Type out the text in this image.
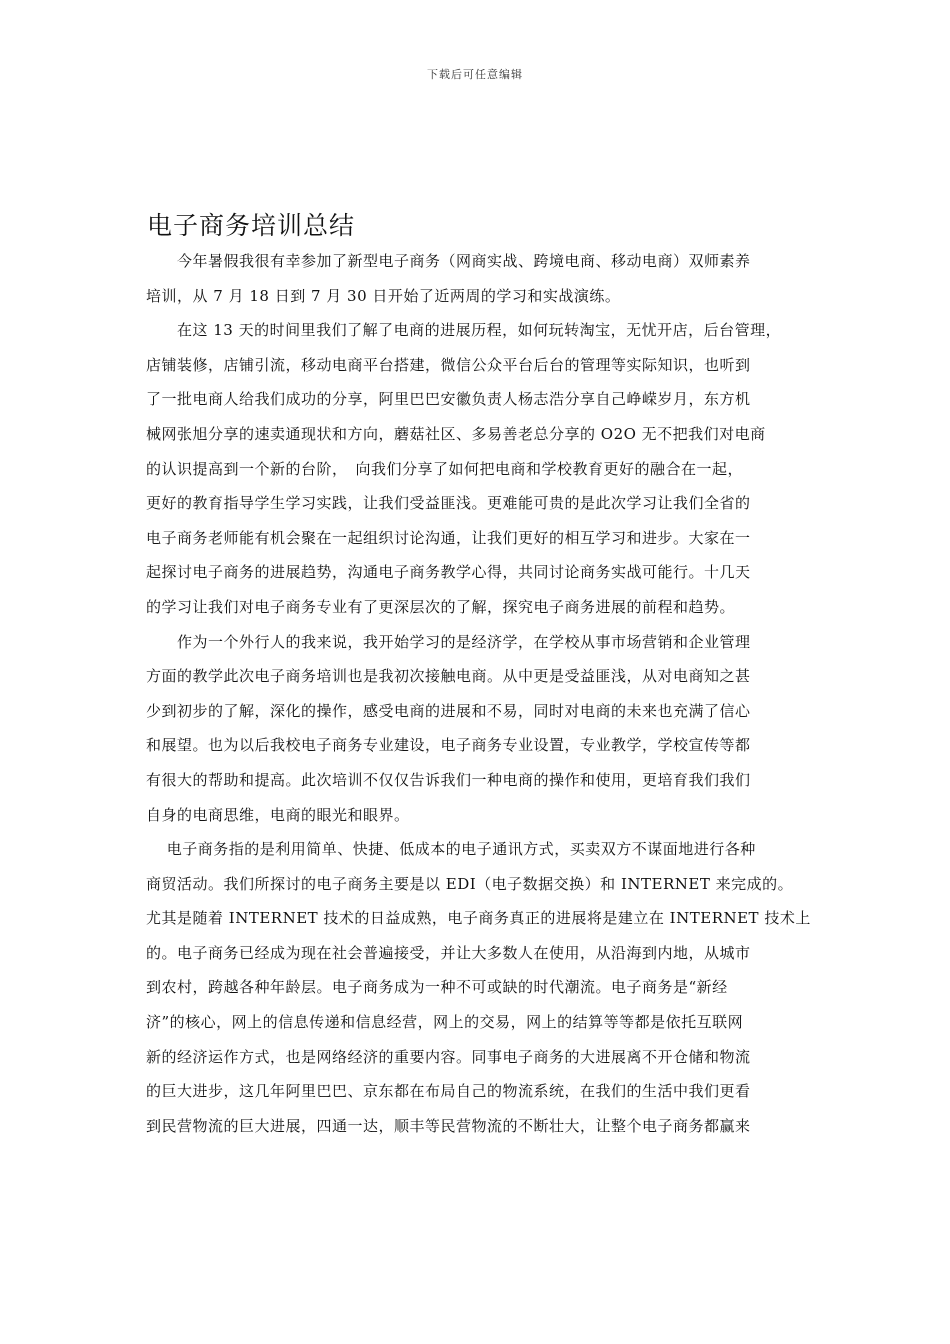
下载后可任意编辑
电子商务培训总结
　　今年暑假我很有幸参加了新型电子商务（网商实战、跨境电商、移动电商）双师素养
培训，从 7 月 18 日到 7 月 30 日开始了近两周的学习和实战演练。
　　在这 13 天的时间里我们了解了电商的进展历程，如何玩转淘宝，无忧开店，后台管理，
店铺装修，店铺引流，移动电商平台搭建，微信公众平台后台的管理等实际知识，也听到
了一批电商人给我们成功的分享，阿里巴巴安徽负责人杨志浩分享自己峥嵘岁月，东方机
械网张旭分享的速卖通现状和方向，蘑菇社区、多易善老总分享的 O2O 无不把我们对电商
的认识提高到一个新的台阶，　向我们分享了如何把电商和学校教育更好的融合在一起，
更好的教育指导学生学习实践，让我们受益匪浅。更难能可贵的是此次学习让我们全省的
电子商务老师能有机会聚在一起组织讨论沟通，让我们更好的相互学习和进步。大家在一
起探讨电子商务的进展趋势，沟通电子商务教学心得，共同讨论商务实战可能行。十几天
的学习让我们对电子商务专业有了更深层次的了解，探究电子商务进展的前程和趋势。
　　作为一个外行人的我来说，我开始学习的是经济学，在学校从事市场营销和企业管理
方面的教学此次电子商务培训也是我初次接触电商。从中更是受益匪浅，从对电商知之甚
少到初步的了解，深化的操作，感受电商的进展和不易，同时对电商的未来也充满了信心
和展望。也为以后我校电子商务专业建设，电子商务专业设置，专业教学，学校宣传等都
有很大的帮助和提高。此次培训不仅仅告诉我们一种电商的操作和使用，更培育我们我们
自身的电商思维，电商的眼光和眼界。
　 电子商务指的是利用简单、快捷、低成本的电子通讯方式，买卖双方不谋面地进行各种
商贸活动。我们所探讨的电子商务主要是以 EDI（电子数据交换）和 INTERNET 来完成的。
尤其是随着 INTERNET 技术的日益成熟，电子商务真正的进展将是建立在 INTERNET 技术上
的。电子商务已经成为现在社会普遍接受，并让大多数人在使用，从沿海到内地，从城市
到农村，跨越各种年龄层。电子商务成为一种不可或缺的时代潮流。电子商务是“新经
济”的核心，网上的信息传递和信息经营，网上的交易，网上的结算等等都是依托互联网
新的经济运作方式，也是网络经济的重要内容。同事电子商务的大进展离不开仓储和物流
的巨大进步，这几年阿里巴巴、京东都在布局自己的物流系统，在我们的生活中我们更看
到民营物流的巨大进展，四通一达，顺丰等民营物流的不断壮大，让整个电子商务都赢来
